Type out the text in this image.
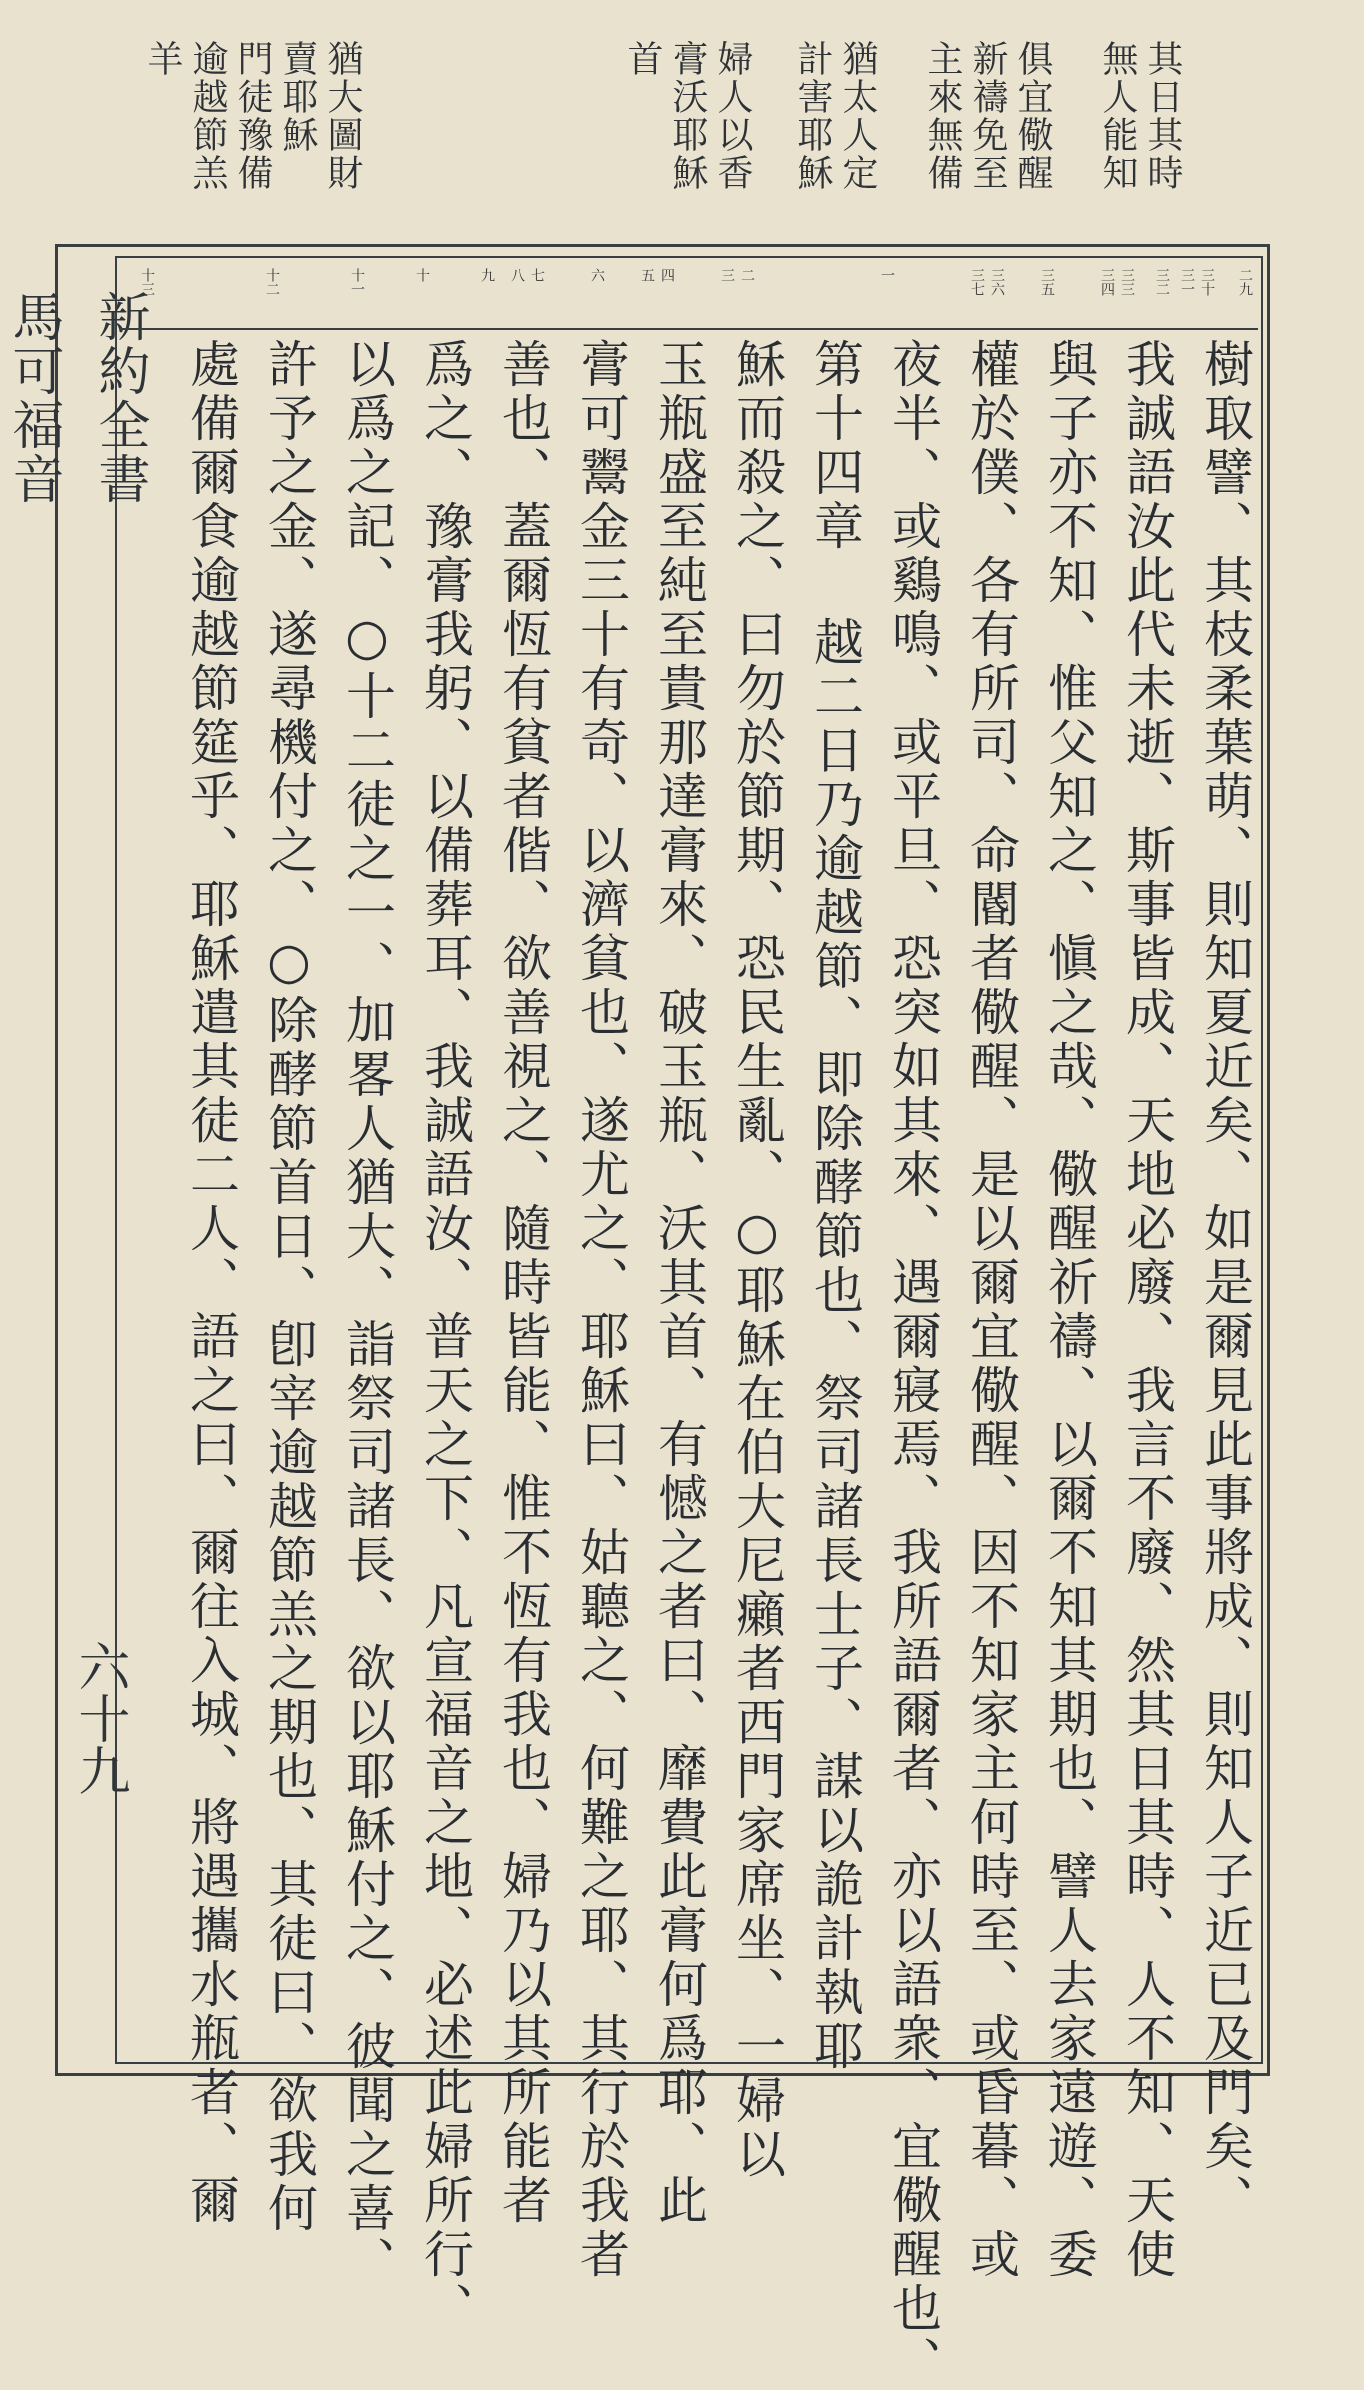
其日其時
無人能知
俱宜儆醒
新禱免至
主來無備
猶太人定
計害耶穌
婦人以香
膏沃耶穌
首
猶大圖財
賣耶穌
門徒豫備
逾越節羔
羊
新約全書
馬可福音
六十九
二九
三十
三一
三二
三三
三四
三五
三六
三七
一
二
三
四
五
六
七
八
九
十
十一
十二
十三
樹取譬、其枝柔葉萌、則知夏近矣、如是爾見此事將成、則知人子近已及門矣、
我誠語汝此代未逝、斯事皆成、天地必廢、我言不廢、然其日其時、人不知、天使
與子亦不知、惟父知之、愼之哉、儆醒祈禱、以爾不知其期也、譬人去家遠遊、委
權於僕、各有所司、命閽者儆醒、是以爾宜儆醒、因不知家主何時至、或昏暮、或
夜半、或鷄鳴、或平旦、恐突如其來、遇爾寢焉、我所語爾者、亦以語衆、宜儆醒也、
第十四章 越二日乃逾越節、即除酵節也、祭司諸長士子、謀以詭計執耶
穌而殺之、曰勿於節期、恐民生亂、○耶穌在伯大尼癩者西門家席坐、一婦以
玉瓶盛至純至貴那達膏來、破玉瓶、沃其首、有憾之者曰、靡費此膏何爲耶、此
膏可鬻金三十有奇、以濟貧也、遂尤之、耶穌曰、姑聽之、何難之耶、其行於我者
善也、蓋爾恆有貧者偕、欲善視之、隨時皆能、惟不恆有我也、婦乃以其所能者
爲之、豫膏我躬、以備葬耳、我誠語汝、普天之下、凡宣福音之地、必述此婦所行、
以爲之記、○十二徒之一、加畧人猶大、詣祭司諸長、欲以耶穌付之、彼聞之喜、
許予之金、遂尋機付之、○除酵節首日、卽宰逾越節羔之期也、其徒曰、欲我何
處備爾食逾越節筵乎、耶穌遣其徒二人、語之曰、爾往入城、將遇攜水瓶者、爾
